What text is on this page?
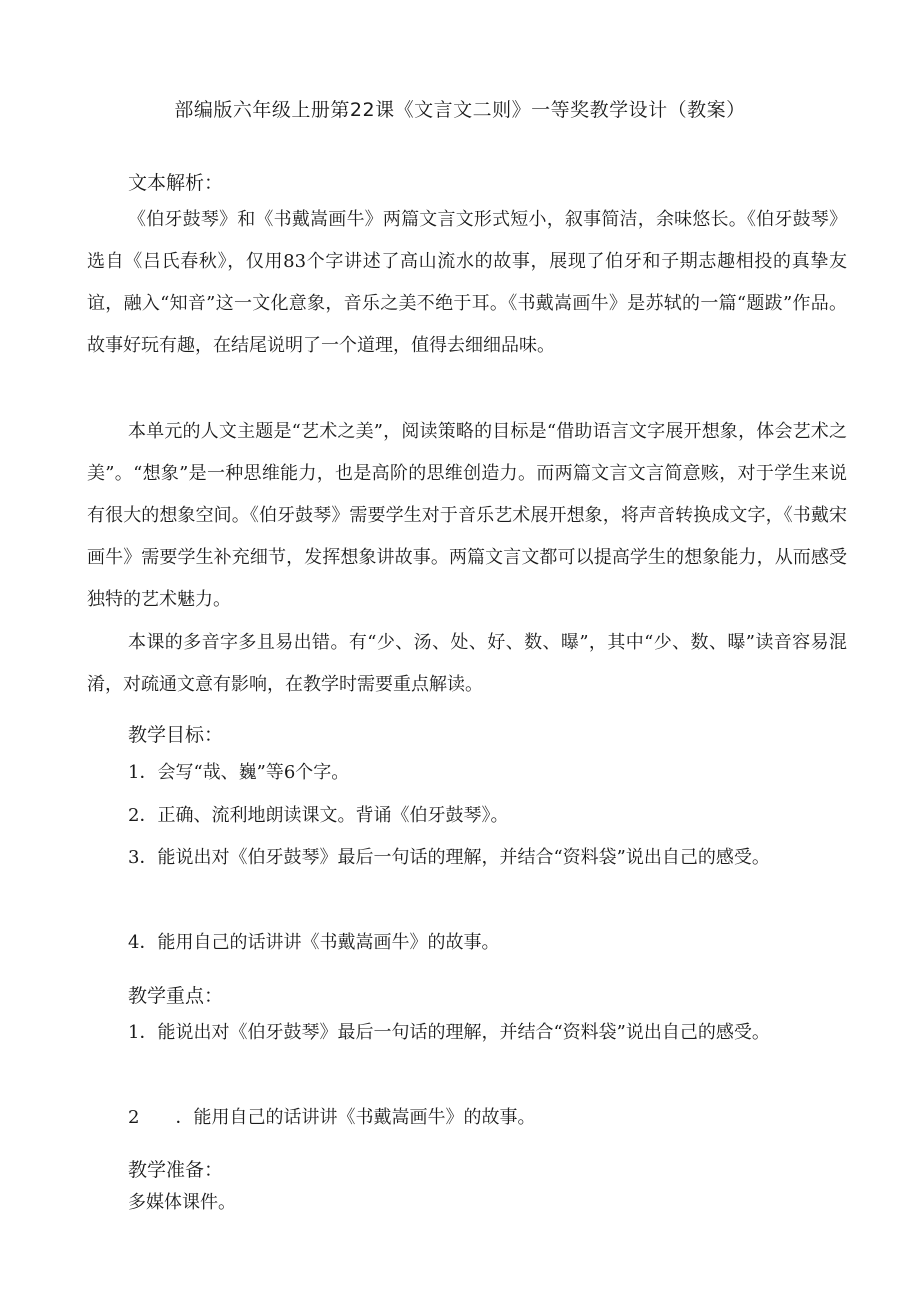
部编版六年级上册第22课《文言文二则》一等奖教学设计（教案）
文本解析：

《伯牙鼓琴》和《书戴嵩画牛》两篇文言文形式短小，叙事简洁，余味悠长。《伯牙鼓琴》选自《吕氏春秋》，仅用83个字讲述了高山流水的故事，展现了伯牙和子期志趣相投的真挚友谊，融入“知音”这一文化意象，音乐之美不绝于耳。《书戴嵩画牛》是苏轼的一篇“题跋”作品。故事好玩有趣，在结尾说明了一个道理，值得去细细品味。

本单元的人文主题是“艺术之美”，阅读策略的目标是“借助语言文字展开想象，体会艺术之美”。“想象”是一种思维能力，也是高阶的思维创造力。而两篇文言文言简意赅，对于学生来说有很大的想象空间。《伯牙鼓琴》需要学生对于音乐艺术展开想象，将声音转换成文字，《书戴宋画牛》需要学生补充细节，发挥想象讲故事。两篇文言文都可以提高学生的想象能力，从而感受独特的艺术魅力。

本课的多音字多且易出错。有“少、汤、处、好、数、曝”，其中“少、数、曝”读音容易混淆，对疏通文意有影响，在教学时需要重点解读。

教学目标：

1．会写“哉、巍”等6个字。

2．正确、流利地朗读课文。背诵《伯牙鼓琴》。

3．能说出对《伯牙鼓琴》最后一句话的理解，并结合“资料袋”说出自己的感受。

4．能用自己的话讲讲《书戴嵩画牛》的故事。

教学重点：

1．能说出对《伯牙鼓琴》最后一句话的理解，并结合“资料袋”说出自己的感受。

2　　．能用自己的话讲讲《书戴嵩画牛》的故事。

教学准备：
多媒体课件。
